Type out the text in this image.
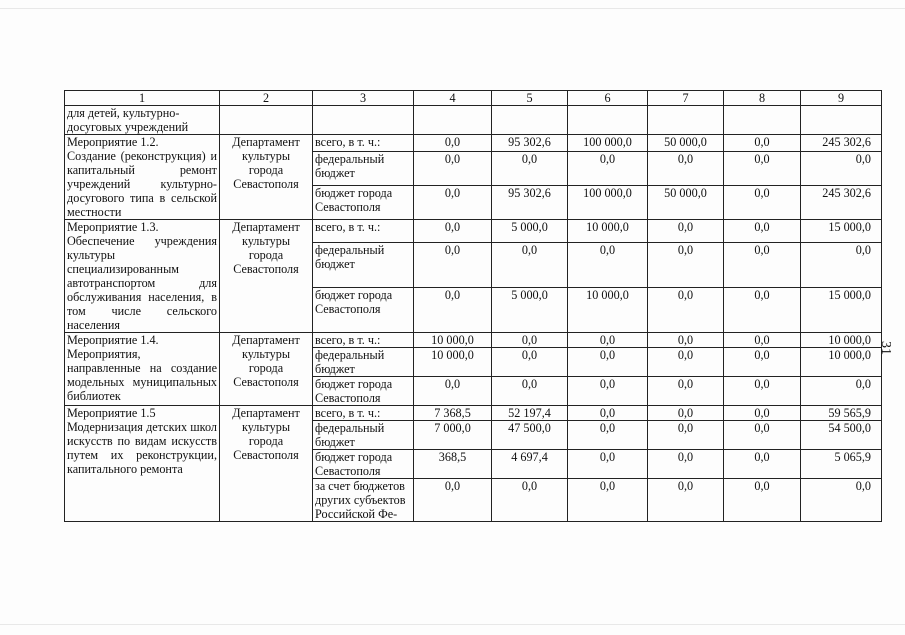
1	2	3	4	5	6	7	8	9
для детей, культурно-
досуговых учреждений								
Мероприятие 1.2.
Создание (реконструкция) и капитальный ремонт учреждений культурно-досугового типа в сельской местности	Департамент
культуры
города
Севастополя	всего, в т. ч.:	0,0	95 302,6	100 000,0	50 000,0	0,0	245 302,6
		федеральный
бюджет	0,0	0,0	0,0	0,0	0,0	0,0
		бюджет города
Севастополя	0,0	95 302,6	100 000,0	50 000,0	0,0	245 302,6
Мероприятие 1.3.
Обеспечение учреждения культуры специализированным автотранспортом для обслуживания населения, в том числе сельского населения	Департамент
культуры
города
Севастополя	всего, в т. ч.:	0,0	5 000,0	10 000,0	0,0	0,0	15 000,0
		федеральный
бюджет	0,0	0,0	0,0	0,0	0,0	0,0
		бюджет города
Севастополя	0,0	5 000,0	10 000,0	0,0	0,0	15 000,0
Мероприятие 1.4.
Мероприятия, направленные на создание модельных муниципальных библиотек	Департамент
культуры
города
Севастополя	всего, в т. ч.:	10 000,0	0,0	0,0	0,0	0,0	10 000,0
		федеральный
бюджет	10 000,0	0,0	0,0	0,0	0,0	10 000,0
		бюджет города
Севастополя	0,0	0,0	0,0	0,0	0,0	0,0
Мероприятие 1.5
Модернизация детских школ искусств по видам искусств путем их реконструкции, капитального ремонта	Департамент
культуры
города
Севастополя	всего, в т. ч.:	7 368,5	52 197,4	0,0	0,0	0,0	59 565,9
		федеральный
бюджет	7 000,0	47 500,0	0,0	0,0	0,0	54 500,0
		бюджет города
Севастополя	368,5	4 697,4	0,0	0,0	0,0	5 065,9
		за счет бюджетов
других субъектов
Российской Фе-	0,0	0,0	0,0	0,0	0,0	0,0
31
